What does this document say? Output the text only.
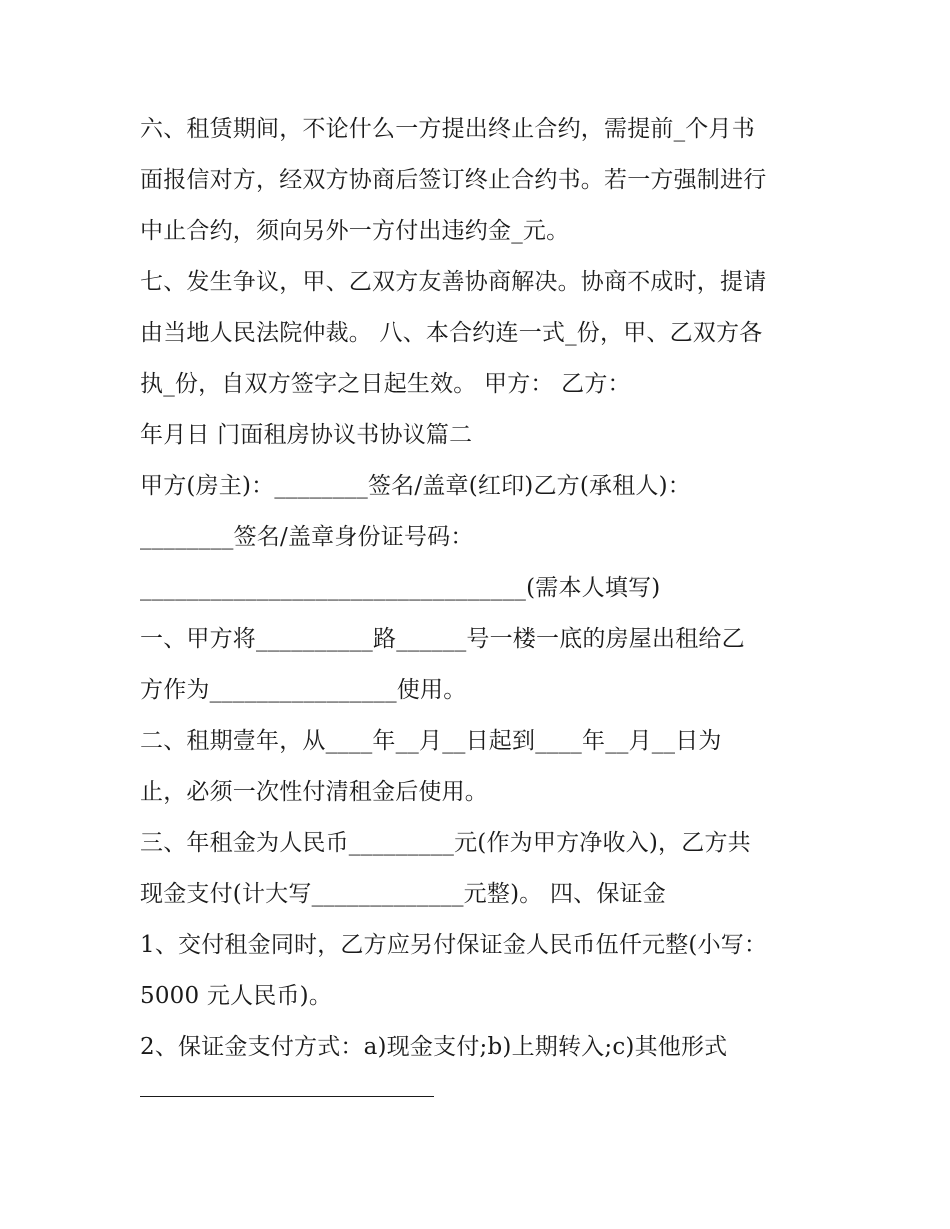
六、租赁期间，不论什么一方提出终止合约，需提前_个月书
面报信对方，经双方协商后签订终止合约书。若一方强制进行
中止合约，须向另外一方付出违约金_元。
七、发生争议，甲、乙双方友善协商解决。协商不成时，提请
由当地人民法院仲裁。 八、本合约连一式_份，甲、乙双方各
执_份，自双方签字之日起生效。 甲方： 乙方：
年月日 门面租房协议书协议篇二
甲方(房主)：________签名/盖章(红印)乙方(承租人)：
________签名/盖章身份证号码：
_________________________________(需本人填写)
一、甲方将__________路______号一楼一底的房屋出租给乙
方作为________________使用。
二、租期壹年，从____年__月__日起到____年__月__日为
止，必须一次性付清租金后使用。
三、年租金为人民币_________元(作为甲方净收入)，乙方共
现金支付(计大写_____________元整)。 四、保证金
1、交付租金同时，乙方应另付保证金人民币伍仟元整(小写：
5000 元人民币)。
2、保证金支付方式：a)现金支付;b)上期转入;c)其他形式
